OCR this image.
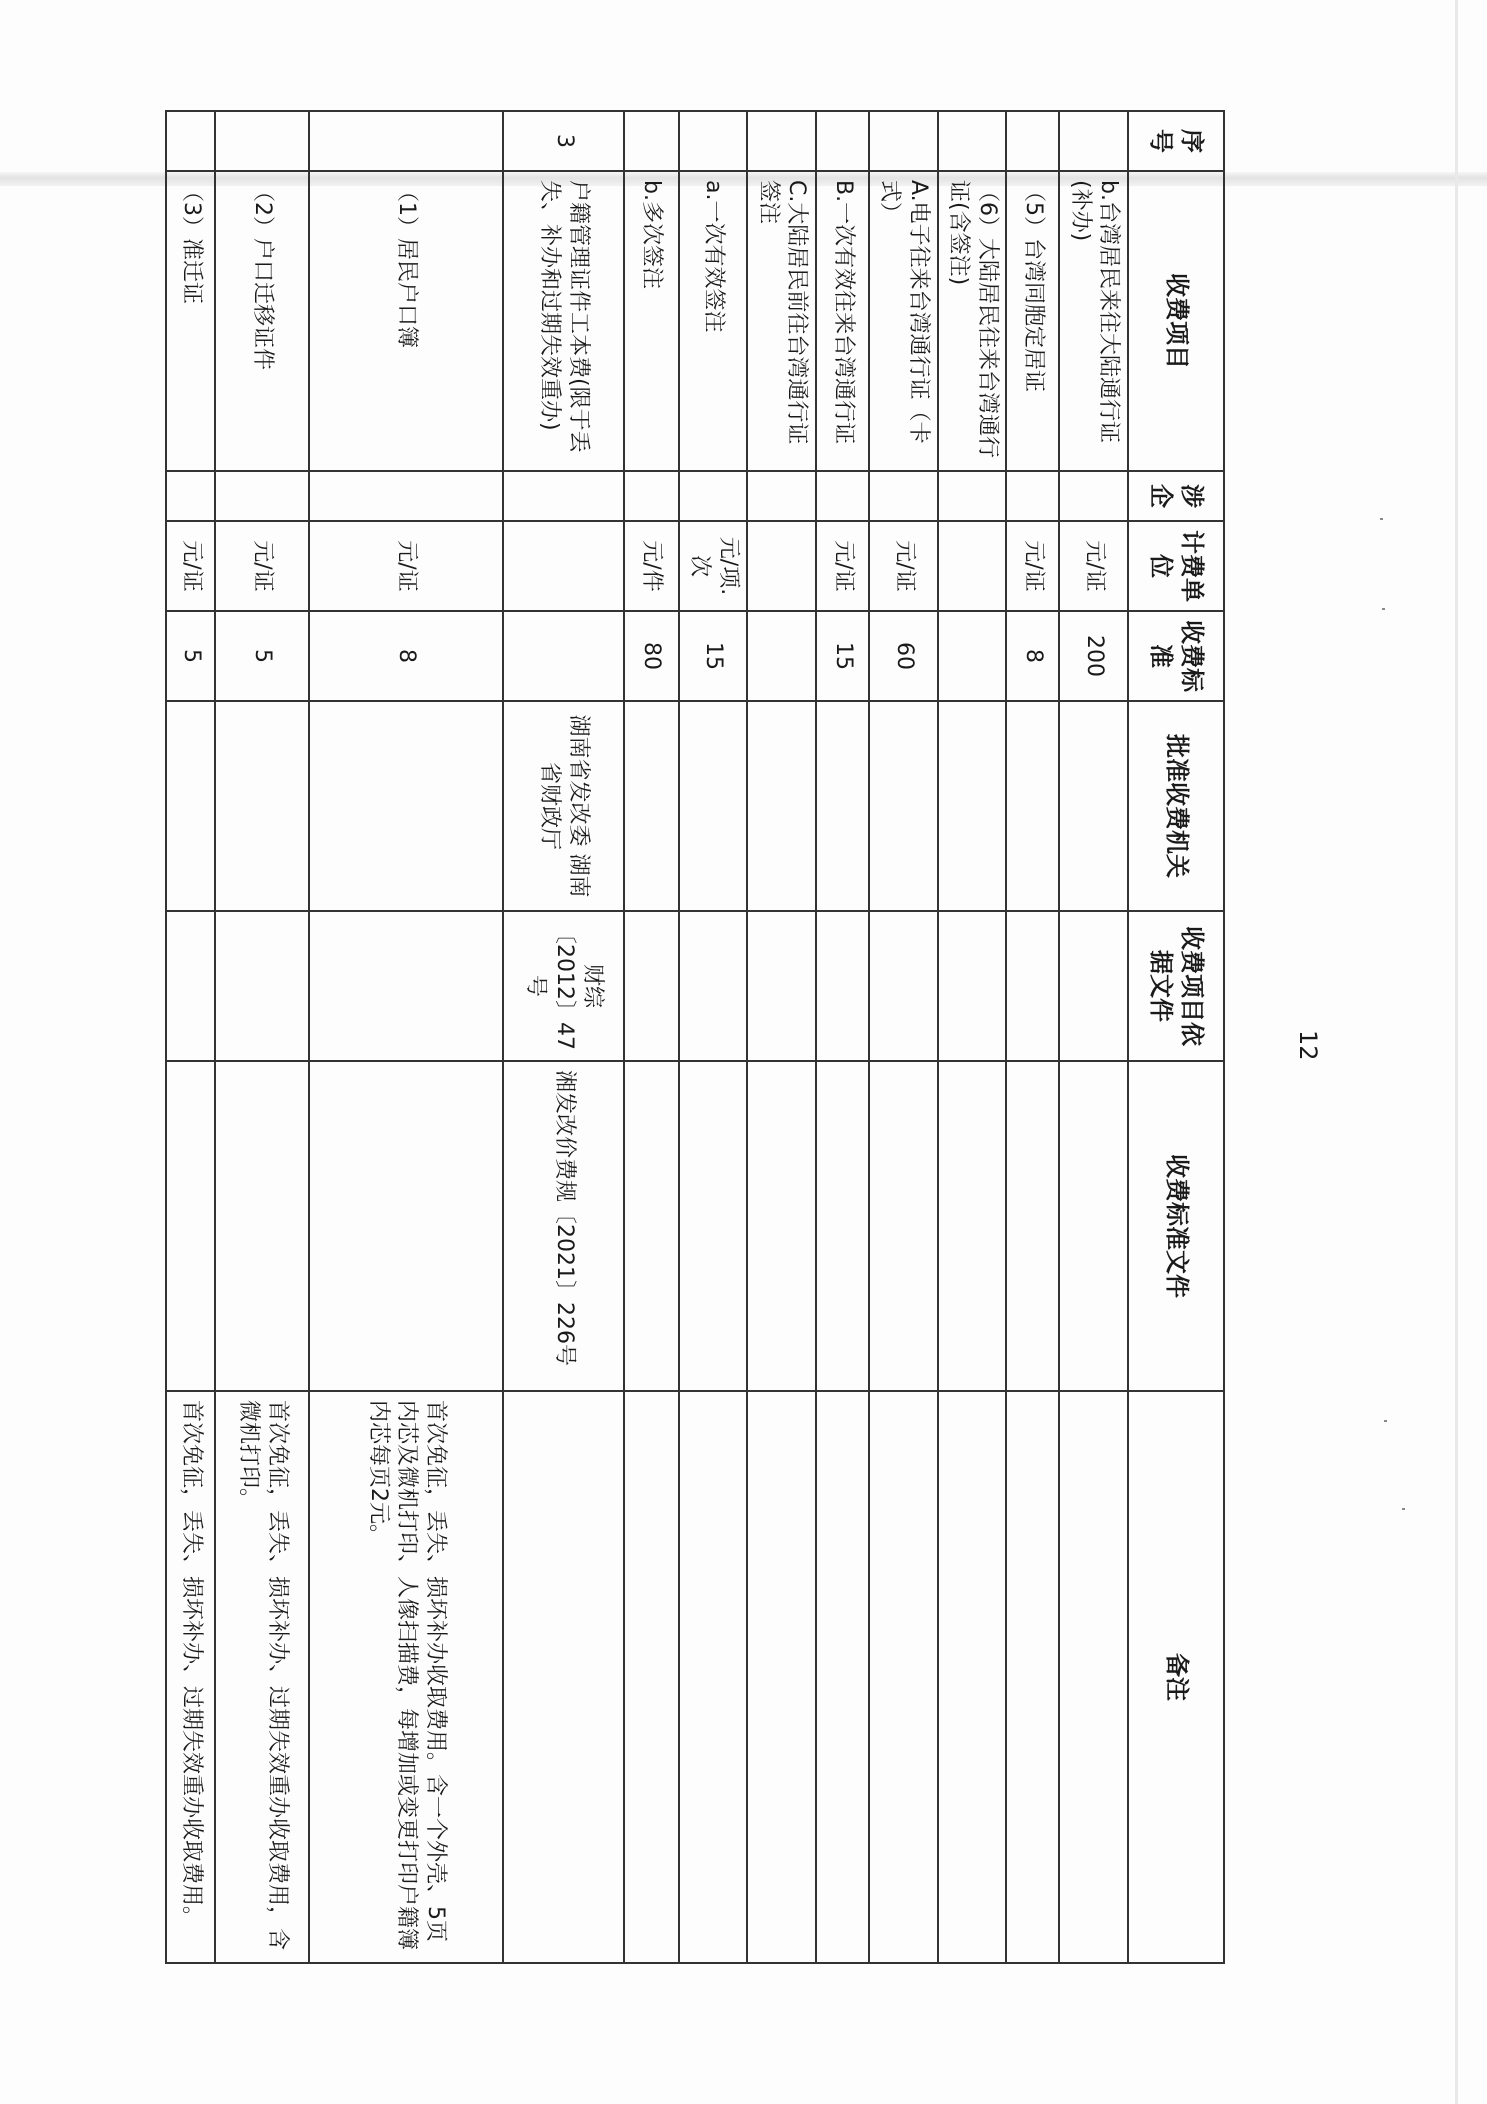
序号	收费项目	涉企	计费单位	收费标准	批准收费机关	收费项目依据文件	收费标准文件	备注
	b.台湾居民来往大陆通行证(补办)		元/证	200				
	（5）台湾同胞定居证		元/证	8				
	（6）大陆居民往来台湾通行证(含签注)							
	A.电子往来台湾通行证（卡式）		元/证	60				
	B.一次有效往来台湾通行证		元/证	15				
	C.大陆居民前往台湾通行证签注							
	a.一次有效签注		元/项.次	15				
	b.多次签注		元/件	80				
3	户籍管理证件工本费(限于丢失、补办和过期失效重办)				湖南省发改委 湖南省财政厅	财综〔2012〕47号	湘发改价费规〔2021〕226号	
	（1）居民户口簿		元/证	8				首次免征，丢失、损坏补办收取费用。含一个外壳、5页内芯及微机打印、人像扫描费，每增加或变更打印户籍簿内芯每页2元。
	（2）户口迁移证件		元/证	5				首次免征，丢失、损坏补办、过期失效重办收取费用，含微机打印。
	（3）准迁证		元/证	5				首次免征，丢失、损坏补办、过期失效重办收取费用。
12
